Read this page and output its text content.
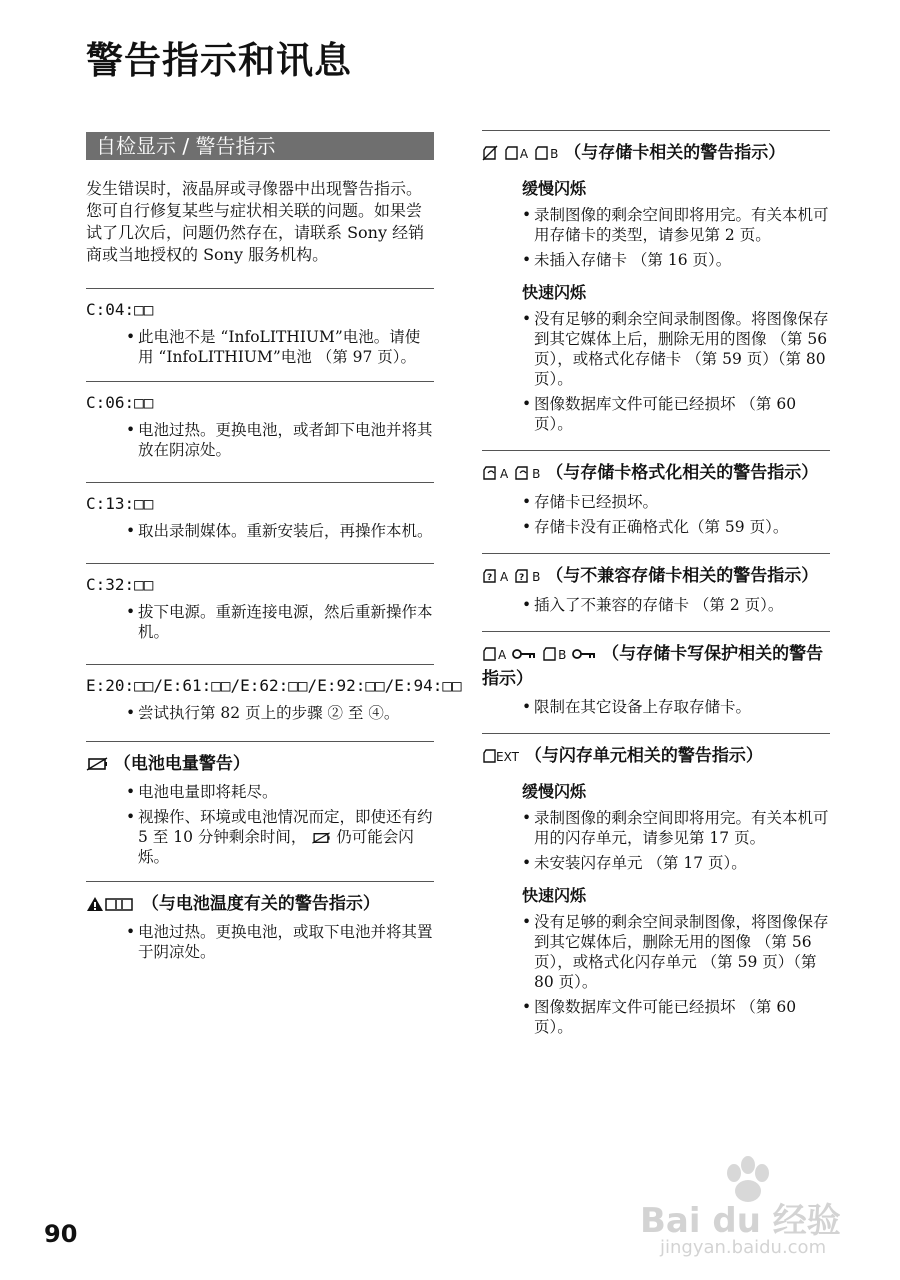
警告指示和讯息
自检显示 / 警告指示

发生错误时，液晶屏或寻像器中出现警告指示。

您可自行修复某些与症状相关联的问题。如果尝试了几次后，问题仍然存在，请联系 Sony 经销商或当地授权的 Sony 服务机构。

C:04:□□
• 此电池不是 “InfoLITHIUM”电池。请使用 “InfoLITHIUM”电池 （第 97 页）。
C:06:□□
• 电池过热。更换电池，或者卸下电池并将其放在阴凉处。
C:13:□□
• 取出录制媒体。重新安装后，再操作本机。
C:32:□□
• 拔下电源。重新连接电源，然后重新操作本机。
E:20:□□/E:61:□□/E:62:□□/E:92:□□/E:94:□□
• 尝试执行第 82 页上的步骤 ② 至 ④。
（电池电量警告）
• 电池电量即将耗尽。
• 视操作、环境或电池情况而定，即使还有约 5 至 10 分钟剩余时间， 仍可能会闪烁。
（与电池温度有关的警告指示）
• 电池过热。更换电池，或取下电池并将其置于阴凉处。
A B （与存储卡相关的警告指示）
缓慢闪烁
• 录制图像的剩余空间即将用完。有关本机可用存储卡的类型，请参见第 2 页。
• 未插入存储卡 （第 16 页）。
快速闪烁
• 没有足够的剩余空间录制图像。将图像保存到其它媒体上后，删除无用的图像 （第 56 页），或格式化存储卡 （第 59 页）（第 80 页）。
• 图像数据库文件可能已经损坏 （第 60 页）。
A B （与存储卡格式化相关的警告指示）
• 存储卡已经损坏。
• 存储卡没有正确格式化（第 59 页）。
? A ? B （与不兼容存储卡相关的警告指示）
• 插入了不兼容的存储卡 （第 2 页）。
A	B （与存储卡写保护相关的警告指示）
• 限制在其它设备上存取存储卡。
EXT （与闪存单元相关的警告指示）
缓慢闪烁
• 录制图像的剩余空间即将用完。有关本机可用的闪存单元，请参见第 17 页。
• 未安装闪存单元 （第 17 页）。
快速闪烁
• 没有足够的剩余空间录制图像，将图像保存到其它媒体后，删除无用的图像 （第 56 页），或格式化闪存单元 （第 59 页）（第 80 页）。
• 图像数据库文件可能已经损坏 （第 60 页）。
90	Bai du 经验
jingyan.baidu.com
